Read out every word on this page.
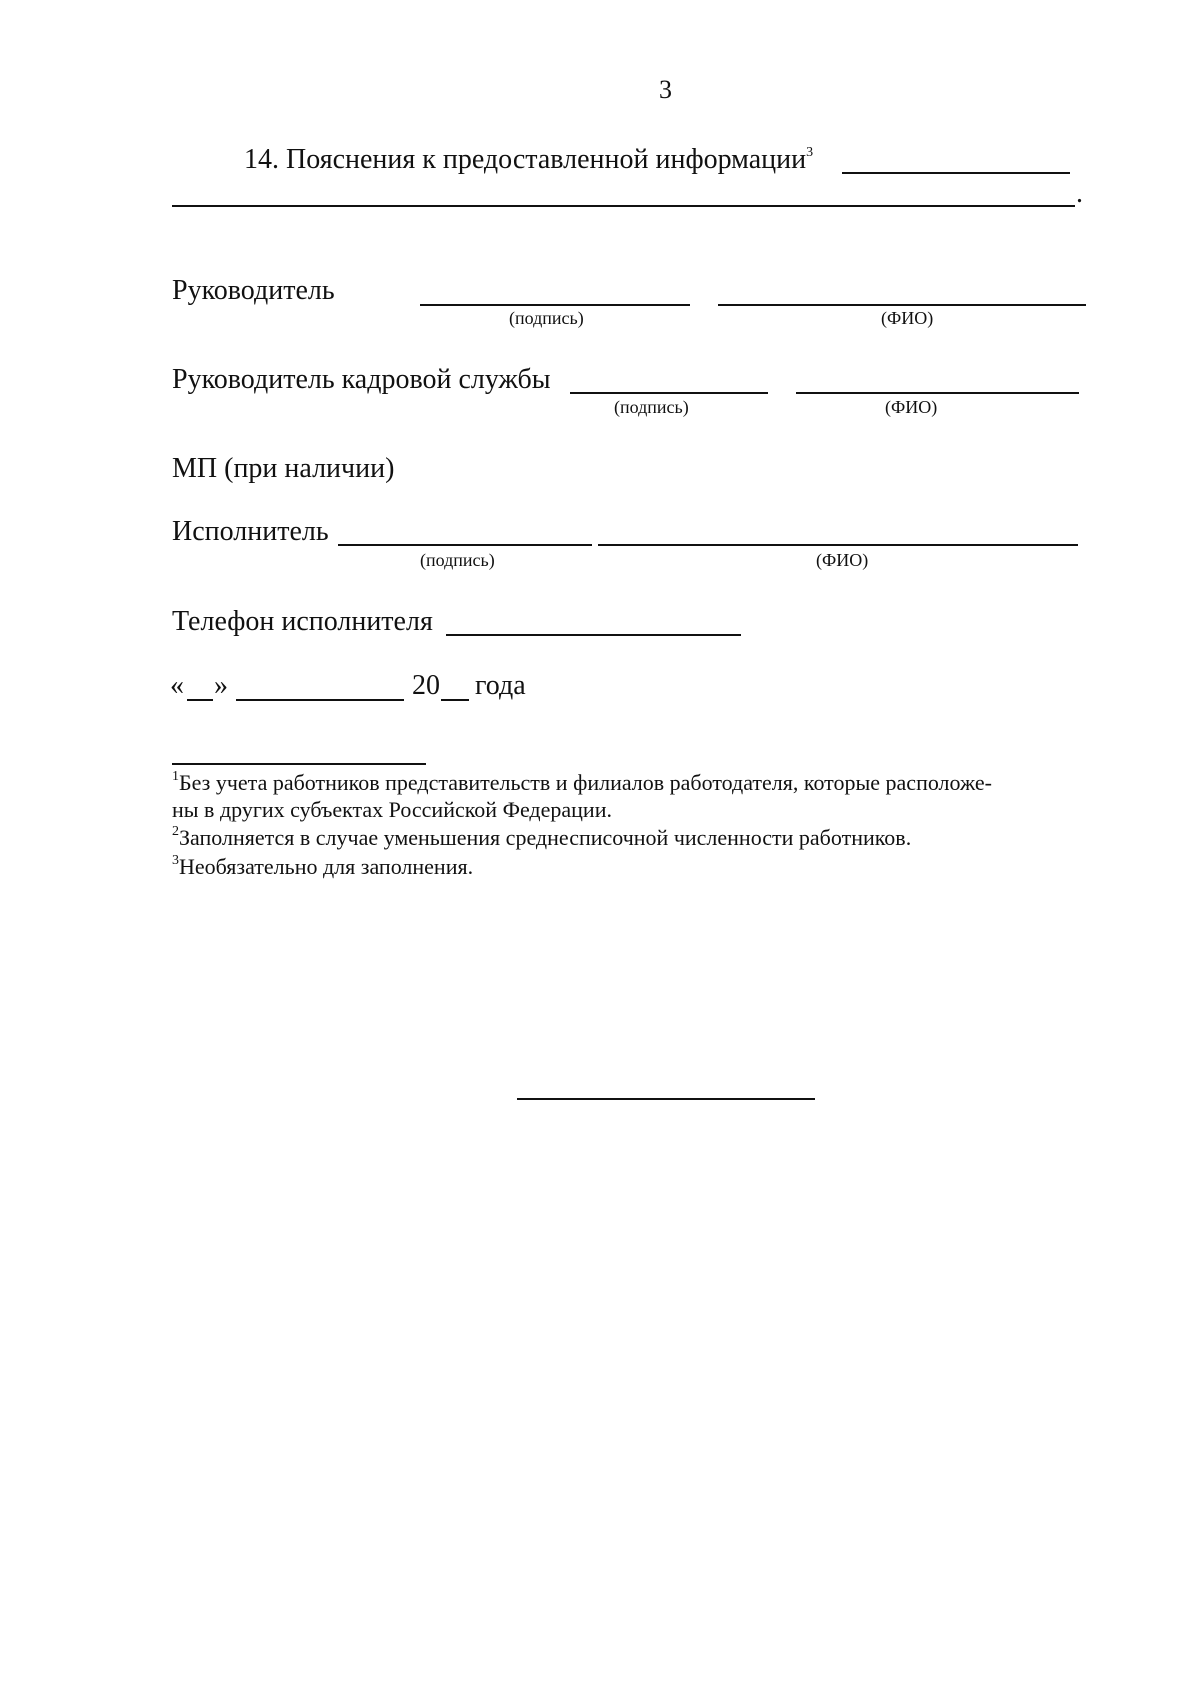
3
14. Пояснения к предоставленной информации$^3$
.
Руководитель
(подпись)	(ФИО)
Руководитель кадровой службы
(подпись)	(ФИО)
МП (при наличии)
Исполнитель
(подпись)	(ФИО)
Телефон исполнителя
« »	20 года
$^1$Без учета работников представительств и филиалов работодателя, которые расположе-
ны в других субъектах Российской Федерации.
$^2$Заполняется в случае уменьшения среднесписочной численности работников.
$^3$Необязательно для заполнения.
